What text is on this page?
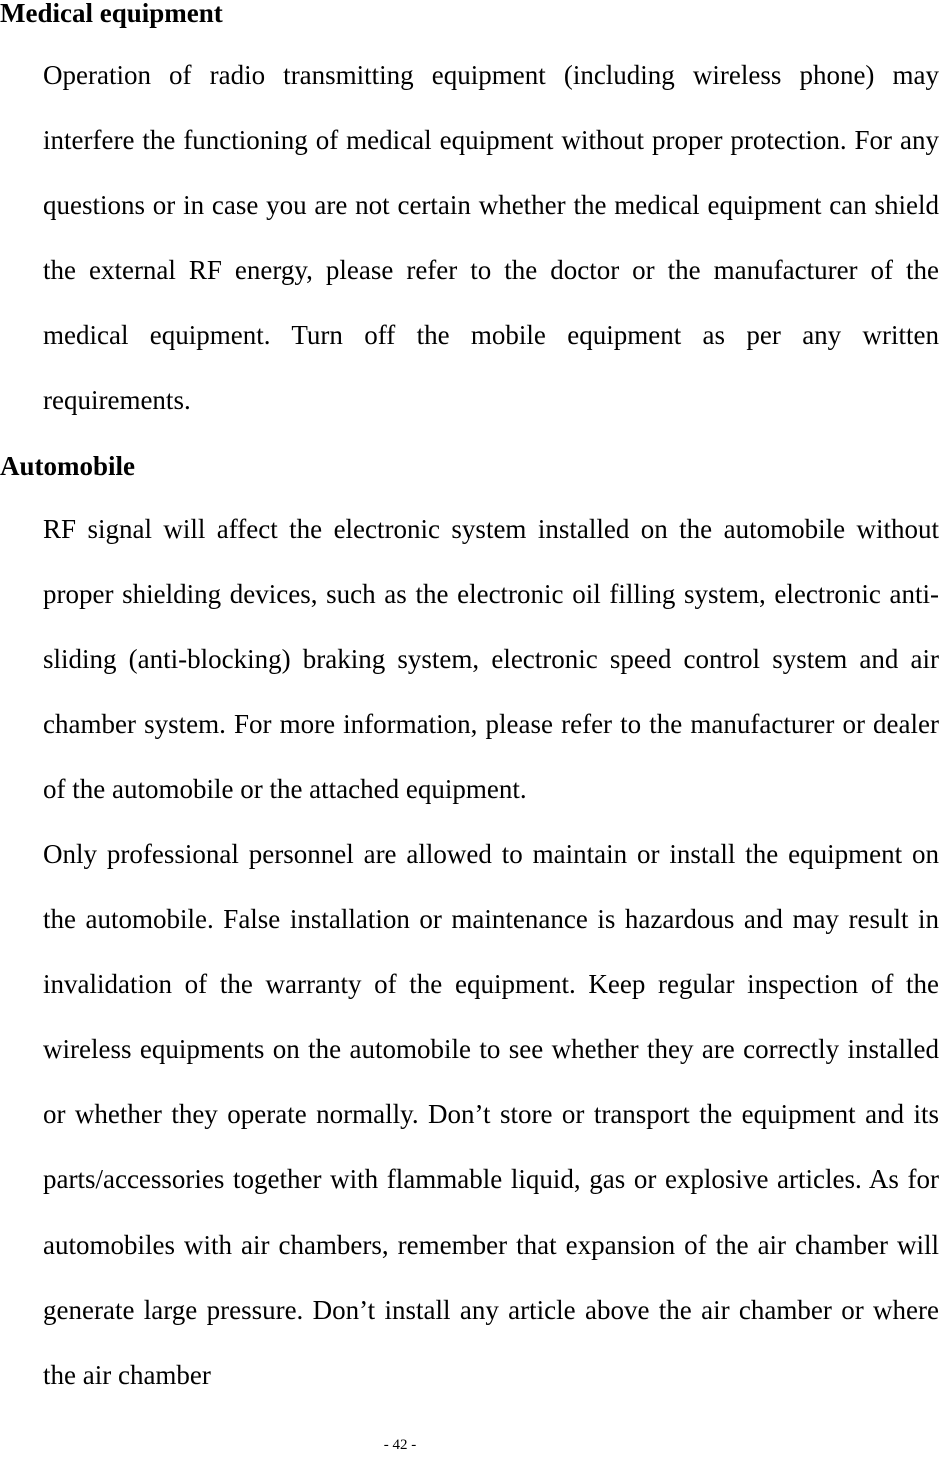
Medical equipment

Operation of radio transmitting equipment (including wireless phone) may interfere the functioning of medical equipment without proper protection. For any questions or in case you are not certain whether the medical equipment can shield the external RF energy, please refer to the doctor or the manufacturer of the medical equipment. Turn off the mobile equipment as per any written requirements.

Automobile

RF signal will affect the electronic system installed on the automobile without proper shielding devices, such as the electronic oil filling system, electronic anti-sliding (anti-blocking) braking system, electronic speed control system and air chamber system. For more information, please refer to the manufacturer or dealer of the automobile or the attached equipment.

Only professional personnel are allowed to maintain or install the equipment on the automobile. False installation or maintenance is hazardous and may result in invalidation of the warranty of the equipment. Keep regular inspection of the wireless equipments on the automobile to see whether they are correctly installed or whether they operate normally. Don’t store or transport the equipment and its parts/accessories together with flammable liquid, gas or explosive articles. As for automobiles with air chambers, remember that expansion of the air chamber will generate large pressure. Don’t install any article above the air chamber or where the air chamber

- 42 -
